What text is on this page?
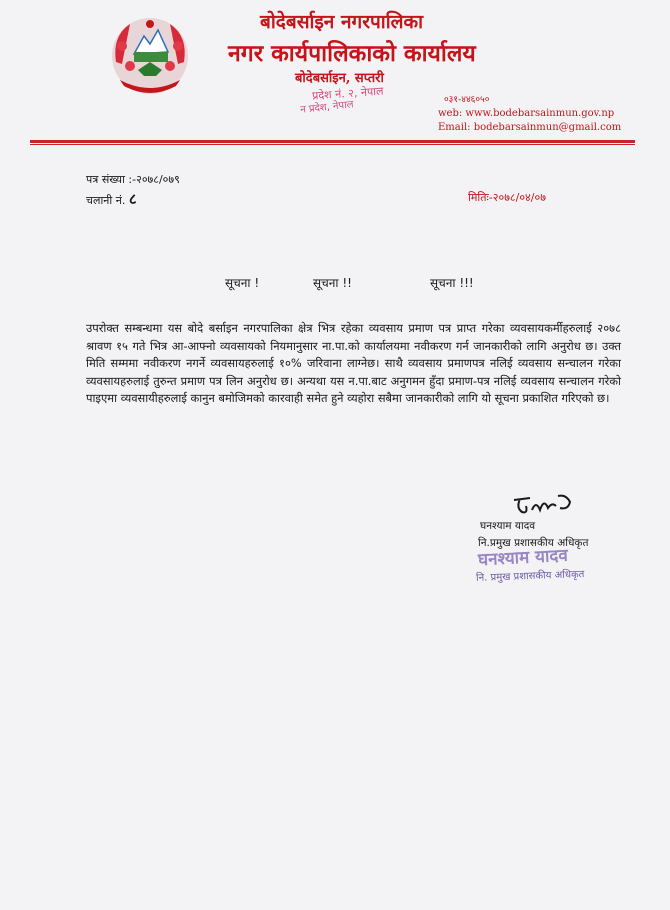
बोदेबर्साइन नगरपालिका
नगर कार्यपालिकाको कार्यालय
बोदेबर्साइन, सप्तरी
प्रदेश नं. २, नेपाल
न प्रदेश, नेपाल	०३१-४४६०५०
web: www.bodebarsainmun.gov.np
Email: bodebarsainmun@gmail.com
पत्र संख्या :-२०७८/०७९
चलानी नं. ८	मितिः-२०७८/०४/०७
सूचना !	सूचना !!	सूचना !!!
उपरोक्त सम्बन्धमा यस बोदे बर्साइन नगरपालिका क्षेत्र भित्र रहेका व्यवसाय प्रमाण पत्र प्राप्त गरेका व्यवसायकर्मीहरुलाई २०७८ श्रावण १५ गते भित्र आ-आफ्नो व्यवसायको नियमानुसार ना.पा.को कार्यालयमा नवीकरण गर्न जानकारीको लागि अनुरोध छ। उक्त मिति सम्ममा नवीकरण नगर्ने व्यवसायहरुलाई १०% जरिवाना लाग्नेछ। साथै व्यवसाय प्रमाणपत्र नलिई व्यवसाय सन्चालन गरेका व्यवसायहरुलाई तुरुन्त प्रमाण पत्र लिन अनुरोध छ। अन्यथा यस न.पा.बाट अनुगमन हुँदा प्रमाण-पत्र नलिई व्यवसाय सन्चालन गरेको पाइएमा व्यवसायीहरुलाई कानुन बमोजिमको कारवाही समेत हुने व्यहोरा सबैमा जानकारीको लागि यो सूचना प्रकाशित गरिएको छ।
घनश्याम यादव
नि.प्रमुख प्रशासकीय अधिकृत
घनश्याम यादव
नि. प्रमुख प्रशासकीय अधिकृत
